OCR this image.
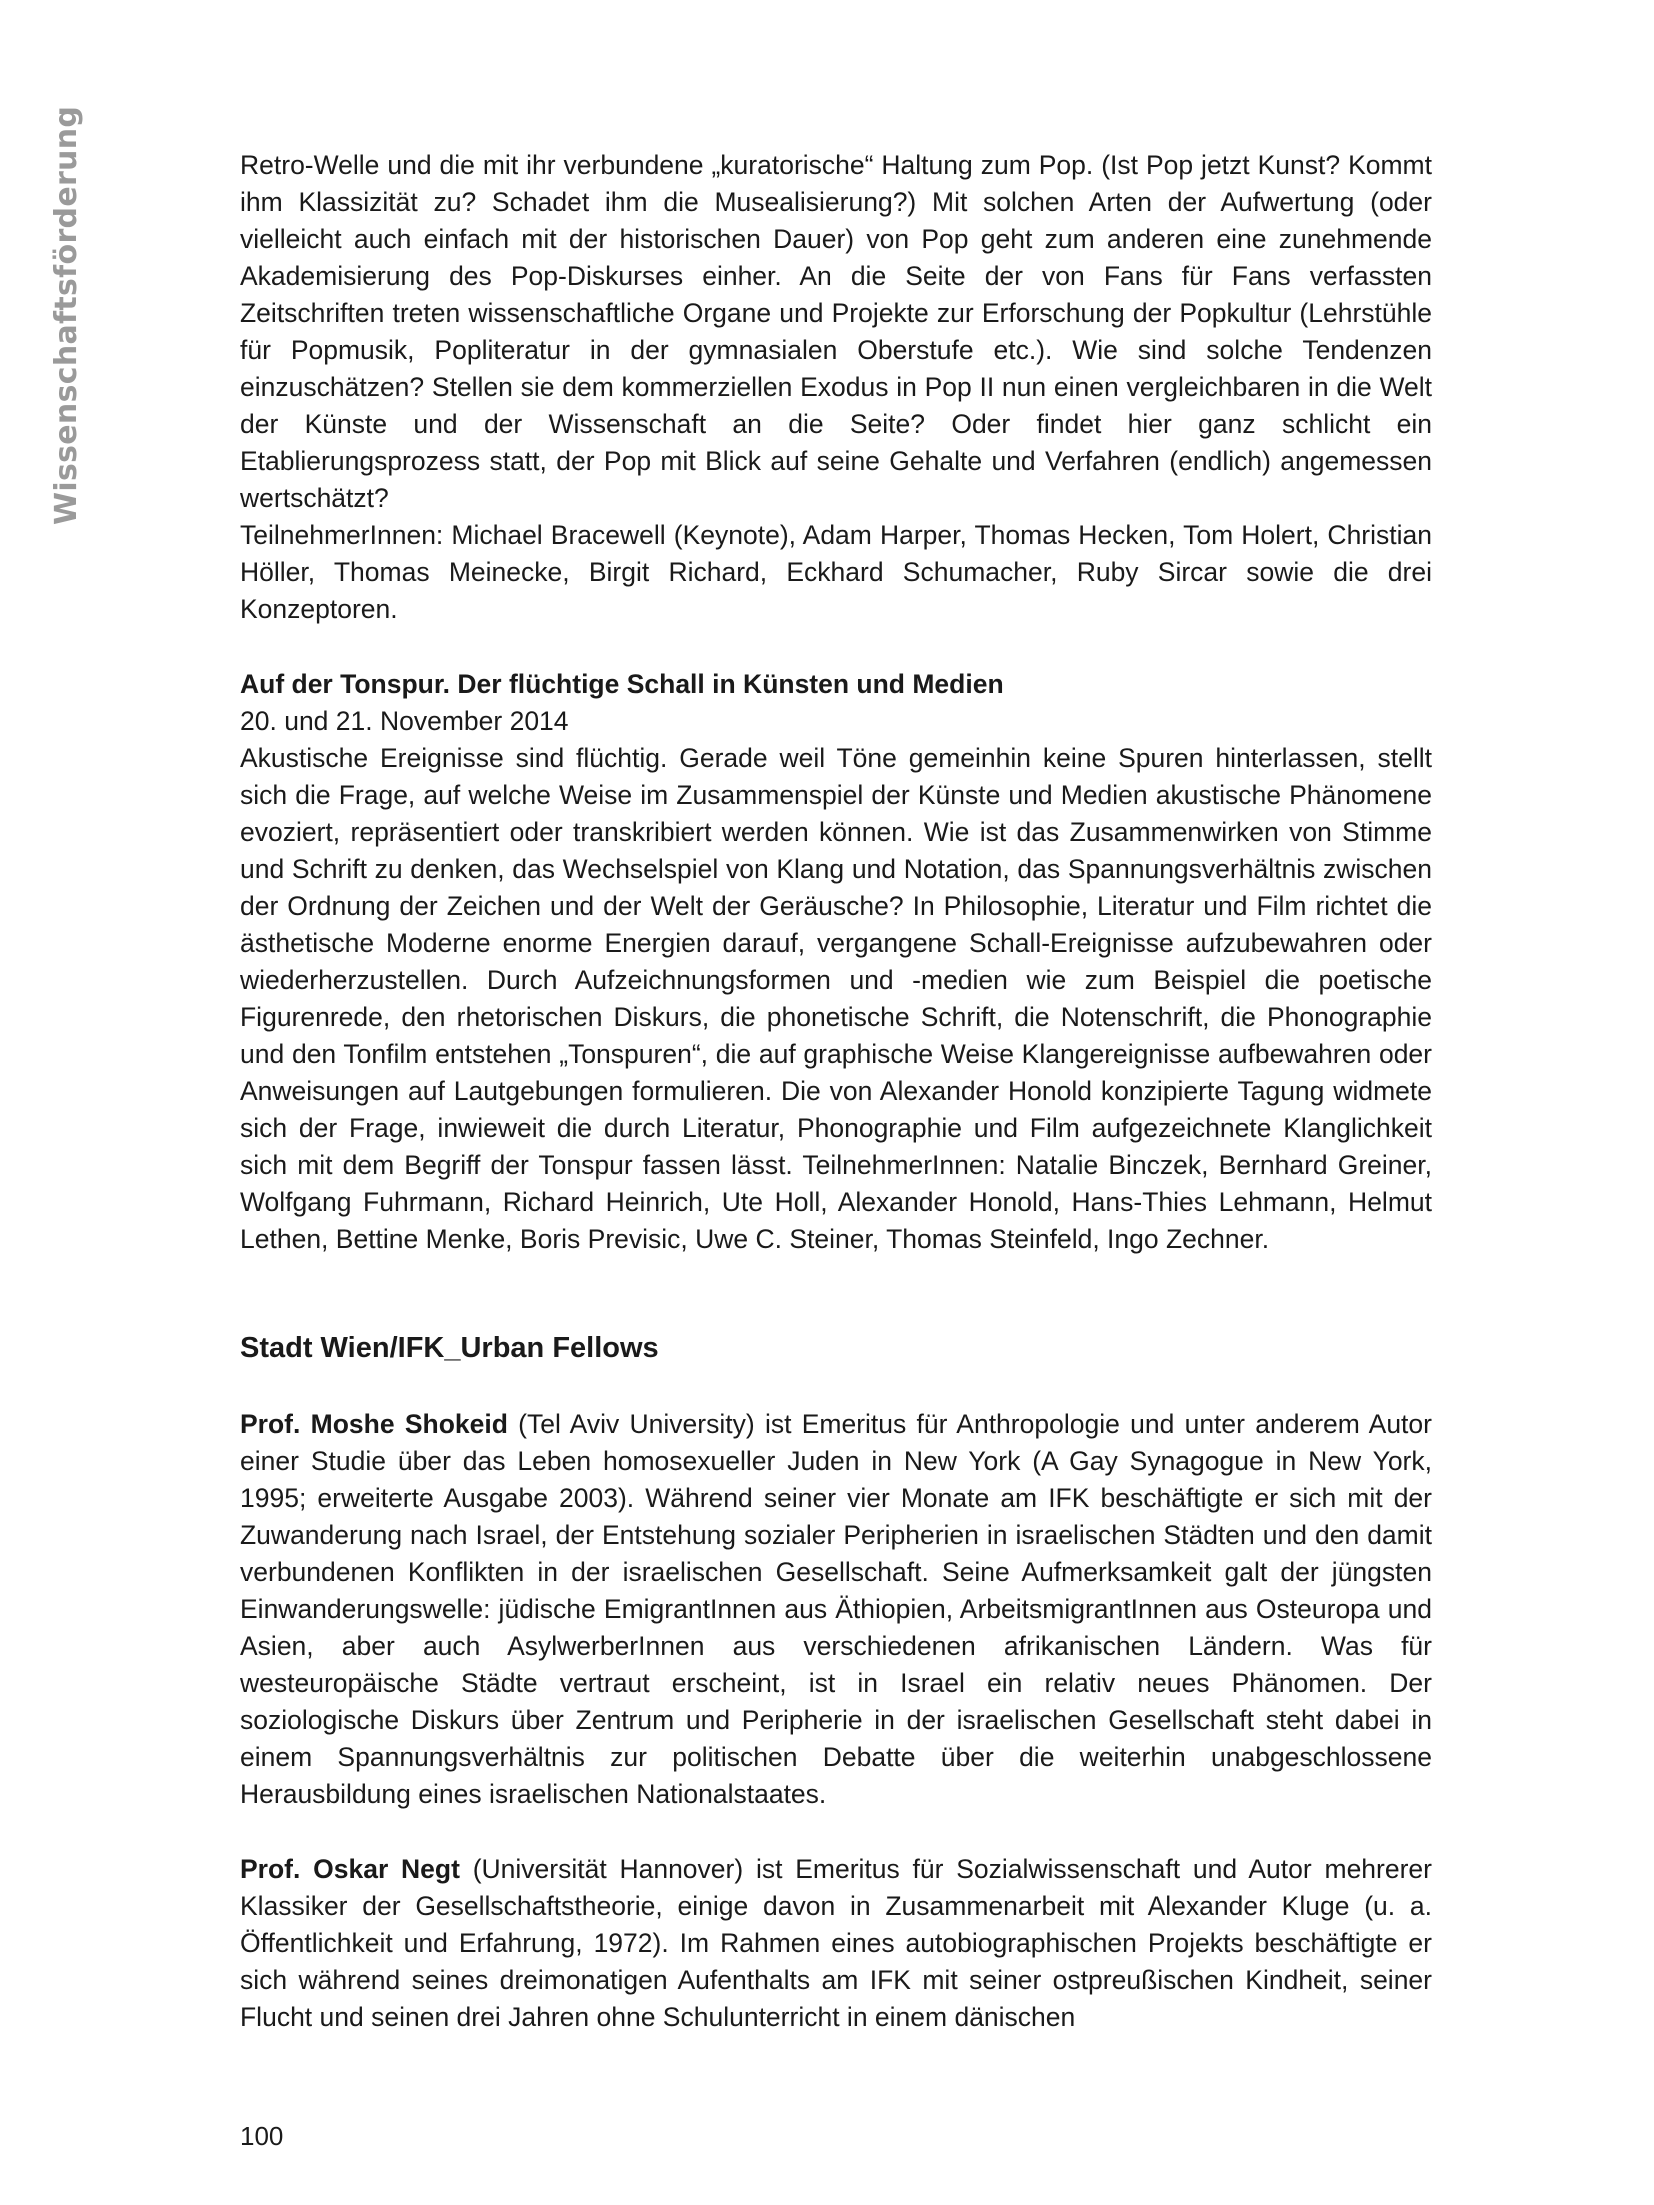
Wissenschaftsförderung	Retro-Welle und die mit ihr verbundene „kuratorische“ Haltung zum Pop. (Ist Pop jetzt Kunst? Kommt ihm Klassizität zu? Schadet ihm die Musealisierung?) Mit solchen Arten der Aufwertung (oder vielleicht auch einfach mit der historischen Dauer) von Pop geht zum anderen eine zunehmende Akademisierung des Pop-Diskurses einher. An die Seite der von Fans für Fans verfassten Zeitschriften treten wissenschaftliche Organe und Projekte zur Erforschung der Popkultur (Lehrstühle für Popmusik, Popliteratur in der gymnasialen Oberstufe etc.). Wie sind solche Tendenzen einzuschätzen? Stellen sie dem kommerziellen Exodus in Pop II nun einen vergleichbaren in die Welt der Künste und der Wissenschaft an die Seite? Oder findet hier ganz schlicht ein Etablierungsprozess statt, der Pop mit Blick auf seine Gehalte und Verfahren (endlich) angemessen wertschätzt?

TeilnehmerInnen: Michael Bracewell (Keynote), Adam Harper, Thomas Hecken, Tom Holert, Christian Höller, Thomas Meinecke, Birgit Richard, Eckhard Schumacher, Ruby Sircar sowie die drei Konzeptoren.

Auf der Tonspur. Der flüchtige Schall in Künsten und Medien

20. und 21. November 2014

Akustische Ereignisse sind flüchtig. Gerade weil Töne gemeinhin keine Spuren hinterlassen, stellt sich die Frage, auf welche Weise im Zusammenspiel der Künste und Medien akustische Phänomene evoziert, repräsentiert oder transkribiert werden können. Wie ist das Zusammenwirken von Stimme und Schrift zu denken, das Wechselspiel von Klang und Notation, das Spannungsverhältnis zwischen der Ordnung der Zeichen und der Welt der Geräusche? In Philosophie, Literatur und Film richtet die ästhetische Moderne enorme Energien darauf, vergangene Schall-Ereignisse aufzubewahren oder wiederherzustellen. Durch Aufzeichnungsformen und -medien wie zum Beispiel die poetische Figurenrede, den rhetorischen Diskurs, die phonetische Schrift, die Notenschrift, die Phonographie und den Tonfilm entstehen „Tonspuren“, die auf graphische Weise Klangereignisse aufbewahren oder Anweisungen auf Lautgebungen formulieren. Die von Alexander Honold konzipierte Tagung widmete sich der Frage, inwieweit die durch Literatur, Phonographie und Film aufgezeichnete Klanglichkeit sich mit dem Begriff der Tonspur fassen lässt. TeilnehmerInnen: Natalie Binczek, Bernhard Greiner, Wolfgang Fuhrmann, Richard Heinrich, Ute Holl, Alexander Honold, Hans-Thies Lehmann, Helmut Lethen, Bettine Menke, Boris Previsic, Uwe C. Steiner, Thomas Steinfeld, Ingo Zechner.

Stadt Wien/IFK_Urban Fellows

Prof. Moshe Shokeid (Tel Aviv University) ist Emeritus für Anthropologie und unter anderem Autor einer Studie über das Leben homosexueller Juden in New York (A Gay Synagogue in New York, 1995; erweiterte Ausgabe 2003). Während seiner vier Monate am IFK beschäftigte er sich mit der Zuwanderung nach Israel, der Entstehung sozialer Peripherien in israelischen Städten und den damit verbundenen Konflikten in der israelischen Gesellschaft. Seine Aufmerksamkeit galt der jüngsten Einwanderungswelle: jüdische EmigrantInnen aus Äthiopien, ArbeitsmigrantInnen aus Osteuropa und Asien, aber auch AsylwerberInnen aus verschiedenen afrikanischen Ländern. Was für westeuropäische Städte vertraut erscheint, ist in Israel ein relativ neues Phänomen. Der soziologische Diskurs über Zentrum und Peripherie in der israelischen Gesellschaft steht dabei in einem Spannungsverhältnis zur politischen Debatte über die weiterhin unabgeschlossene Herausbildung eines israelischen Nationalstaates.

Prof. Oskar Negt (Universität Hannover) ist Emeritus für Sozialwissenschaft und Autor mehrerer Klassiker der Gesellschaftstheorie, einige davon in Zusammenarbeit mit Alexander Kluge (u. a. Öffentlichkeit und Erfahrung, 1972). Im Rahmen eines autobiographischen Projekts beschäftigte er sich während seines dreimonatigen Aufenthalts am IFK mit seiner ostpreußischen Kindheit, seiner Flucht und seinen drei Jahren ohne Schulunterricht in einem dänischen

100
